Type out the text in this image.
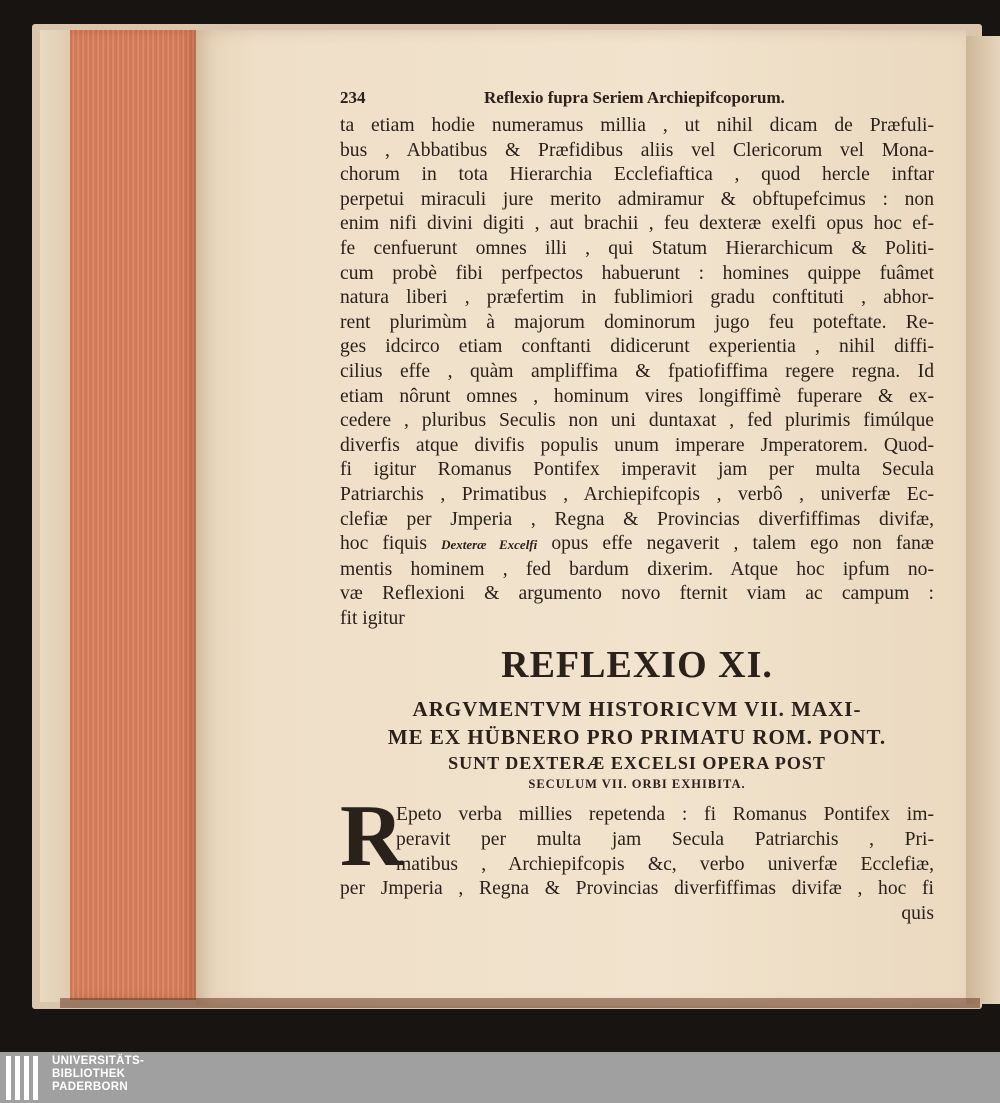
234	Reflexio fupra Seriem Archiepifcoporum.
ta etiam hodie numeramus millia , ut nihil dicam de Præfuli-
bus , Abbatibus & Præfidibus aliis vel Clericorum vel Mona-
chorum in tota Hierarchia Ecclefiaftica , quod hercle inftar
perpetui miraculi jure merito admiramur & obftupefcimus : non
enim nifi divini digiti , aut brachii , feu dexteræ exelfi opus hoc ef-
fe cenfuerunt omnes illi , qui Statum Hierarchicum & Politi-
cum probè fibi perfpectos habuerunt : homines quippe fuâmet
natura liberi , præfertim in fublimiori gradu conftituti , abhor-
rent plurimùm à majorum dominorum jugo feu poteftate. Re-
ges idcirco etiam conftanti didicerunt experientia , nihil diffi-
cilius effe , quàm ampliffima & fpatiofiffima regere regna. Id
etiam nôrunt omnes , hominum vires longiffimè fuperare & ex-
cedere , pluribus Seculis non uni duntaxat , fed plurimis fimúlque
diverfis atque divifis populis unum imperare Jmperatorem. Quod-
fi igitur Romanus Pontifex imperavit jam per multa Secula
Patriarchis , Primatibus , Archiepifcopis , verbô , univerfæ Ec-
clefiæ per Jmperia , Regna & Provincias diverfiffimas divifæ,
hoc fiquis Dexteræ Excelfi opus effe negaverit , talem ego non fanæ
mentis hominem , fed bardum dixerim. Atque hoc ipfum no-
væ Reflexioni & argumento novo fternit viam ac campum :
fit igitur
REFLEXIO XI.
ARGVMENTVM HISTORICVM VII. MAXI-
ME EX HÜBNERO PRO PRIMATU ROM. PONT.
SUNT DEXTERÆ EXCELSI OPERA POST
SECULUM VII. ORBI EXHIBITA.
R
Epeto verba millies repetenda : fi Romanus Pontifex im-
peravit per multa jam Secula Patriarchis , Pri-
matibus , Archiepifcopis &c, verbo univerfæ Ecclefiæ,
per Jmperia , Regna & Provincias diverfiffimas divifæ , hoc fi
quis
UNIVERSITÄTS-
BIBLIOTHEK
PADERBORN
